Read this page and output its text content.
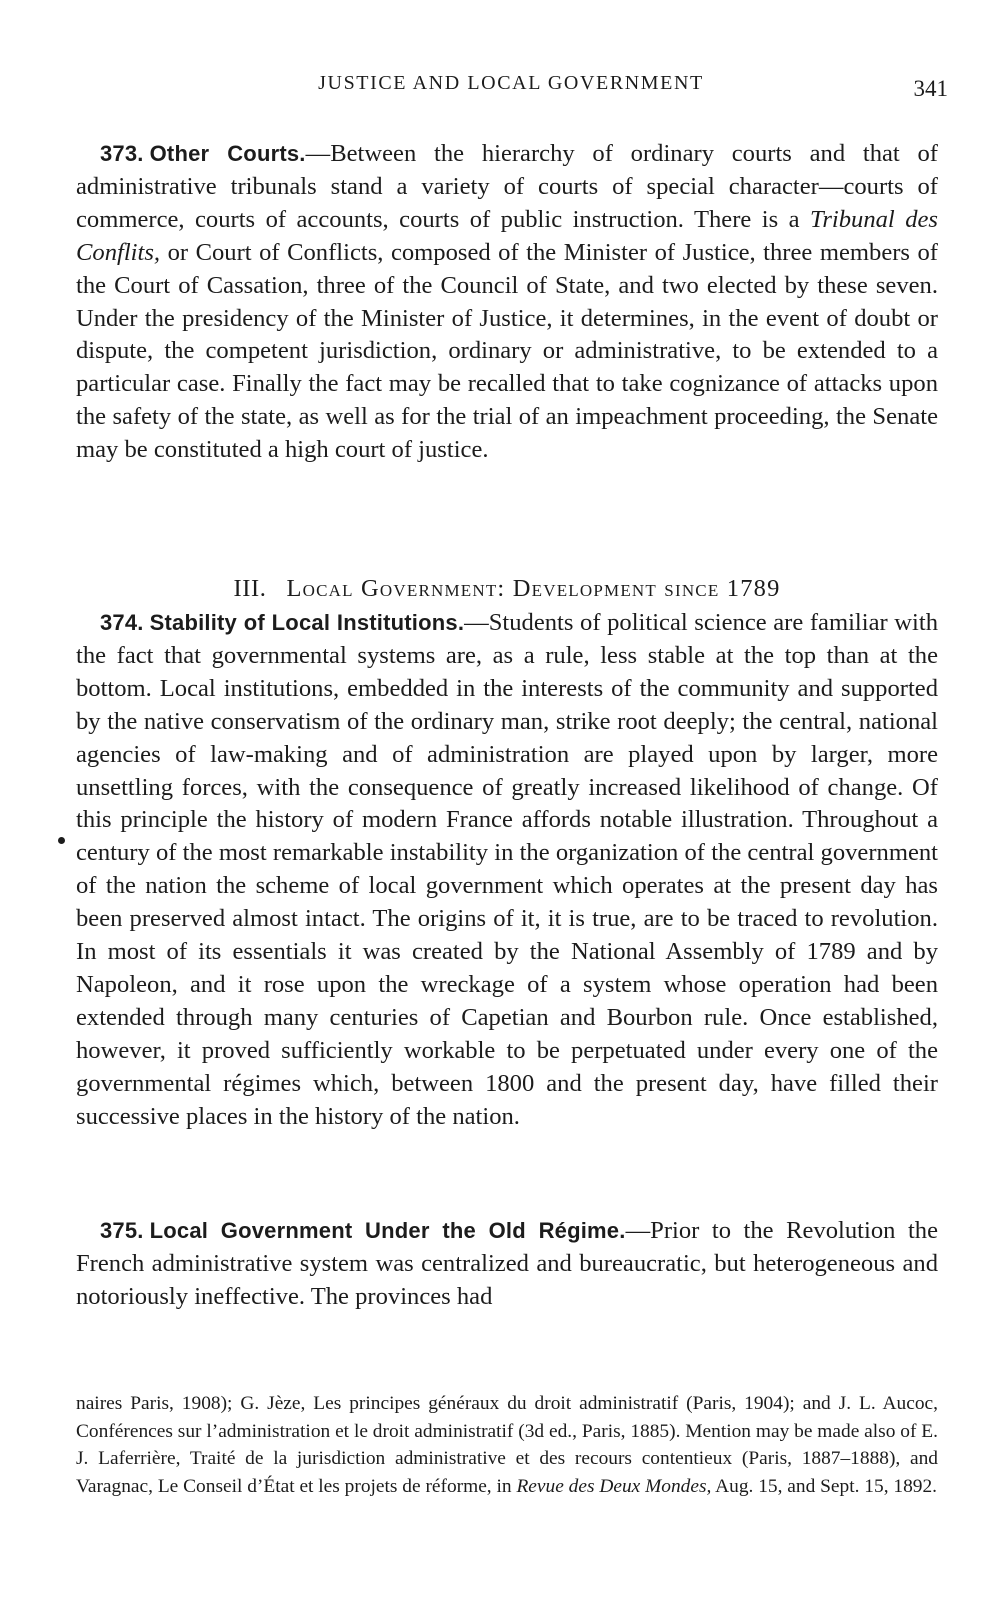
JUSTICE AND LOCAL GOVERNMENT	341

373. Other Courts.—Between the hierarchy of ordinary courts and that of administrative tribunals stand a variety of courts of special character—courts of commerce, courts of accounts, courts of public instruction. There is a Tribunal des Conflits, or Court of Conflicts, composed of the Minister of Justice, three members of the Court of Cassation, three of the Council of State, and two elected by these seven. Under the presidency of the Minister of Justice, it determines, in the event of doubt or dispute, the competent jurisdiction, ordinary or administrative, to be extended to a particular case. Finally the fact may be recalled that to take cognizance of attacks upon the safety of the state, as well as for the trial of an impeachment proceeding, the Senate may be constituted a high court of justice.

III. Local Government: Development since 1789

374. Stability of Local Institutions.—Students of political science are familiar with the fact that governmental systems are, as a rule, less stable at the top than at the bottom. Local institutions, embedded in the interests of the community and supported by the native conservatism of the ordinary man, strike root deeply; the central, national agencies of law-making and of administration are played upon by larger, more unsettling forces, with the consequence of greatly increased likelihood of change. Of this principle the history of modern France affords notable illustration. Throughout a century of the most remarkable instability in the organization of the central government of the nation the scheme of local government which operates at the present day has been preserved almost intact. The origins of it, it is true, are to be traced to revolution. In most of its essentials it was created by the National Assembly of 1789 and by Napoleon, and it rose upon the wreckage of a system whose operation had been extended through many centuries of Capetian and Bourbon rule. Once established, however, it proved sufficiently workable to be perpetuated under every one of the governmental régimes which, between 1800 and the present day, have filled their successive places in the history of the nation.

375. Local Government Under the Old Régime.—Prior to the Revolution the French administrative system was centralized and bureaucratic, but heterogeneous and notoriously ineffective. The provinces had

naires Paris, 1908); G. Jèze, Les principes généraux du droit administratif (Paris, 1904); and J. L. Aucoc, Conférences sur l’administration et le droit administratif (3d ed., Paris, 1885). Mention may be made also of E. J. Laferrière, Traité de la jurisdiction administrative et des recours contentieux (Paris, 1887–1888), and Varagnac, Le Conseil d’État et les projets de réforme, in Revue des Deux Mondes, Aug. 15, and Sept. 15, 1892.
